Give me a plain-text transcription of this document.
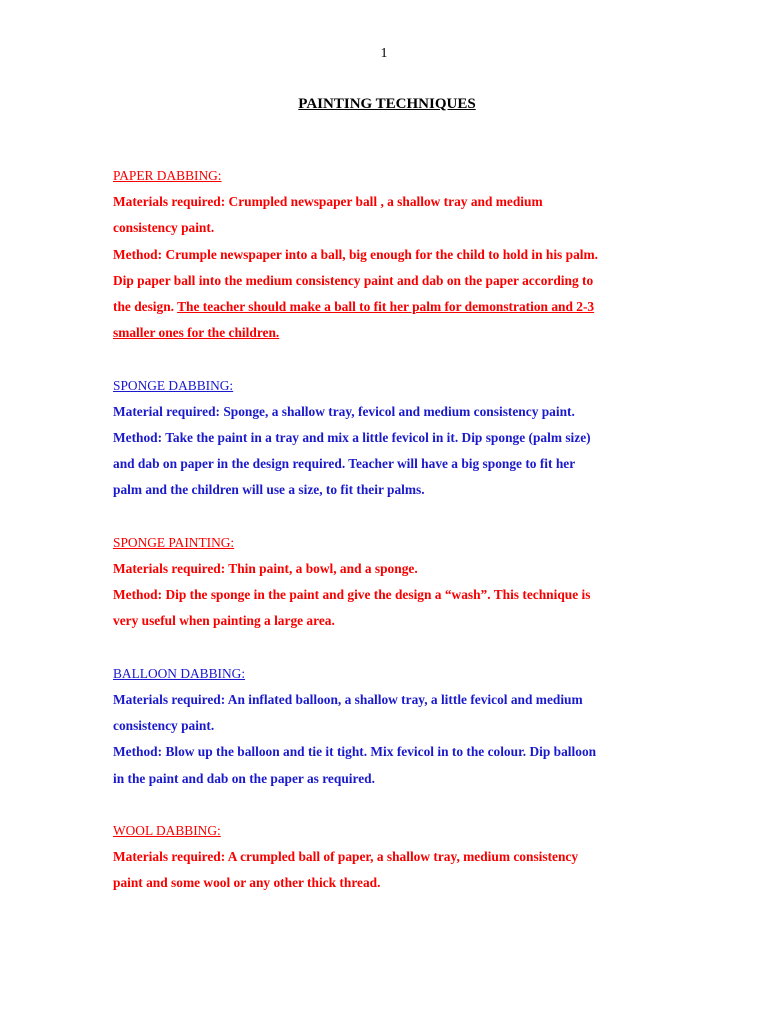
1
PAINTING TECHNIQUES
PAPER DABBING:
Materials required: Crumpled newspaper ball , a shallow tray and medium
consistency paint.
Method: Crumple newspaper into a ball, big enough for the child to hold in his palm.
Dip paper ball into the medium consistency paint and dab on the paper according to
the design. The teacher should make a ball to fit her palm for demonstration and 2-3
smaller ones for the children.
SPONGE DABBING:
Material required: Sponge, a shallow tray, fevicol and medium consistency paint.
Method: Take the paint in a tray and mix a little fevicol in it. Dip sponge (palm size)
and dab on paper in the design required. Teacher will have a big sponge to fit her
palm and the children will use a size, to fit their palms.
SPONGE PAINTING:
Materials required: Thin paint, a bowl, and a sponge.
Method: Dip the sponge in the paint and give the design a “wash”. This technique is
very useful when painting a large area.
BALLOON DABBING:
Materials required: An inflated balloon, a shallow tray, a little fevicol and medium
consistency paint.
Method: Blow up the balloon and tie it tight. Mix fevicol in to the colour. Dip balloon
in the paint and dab on the paper as required.
WOOL DABBING:
Materials required: A crumpled ball of paper, a shallow tray, medium consistency
paint and some wool or any other thick thread.
